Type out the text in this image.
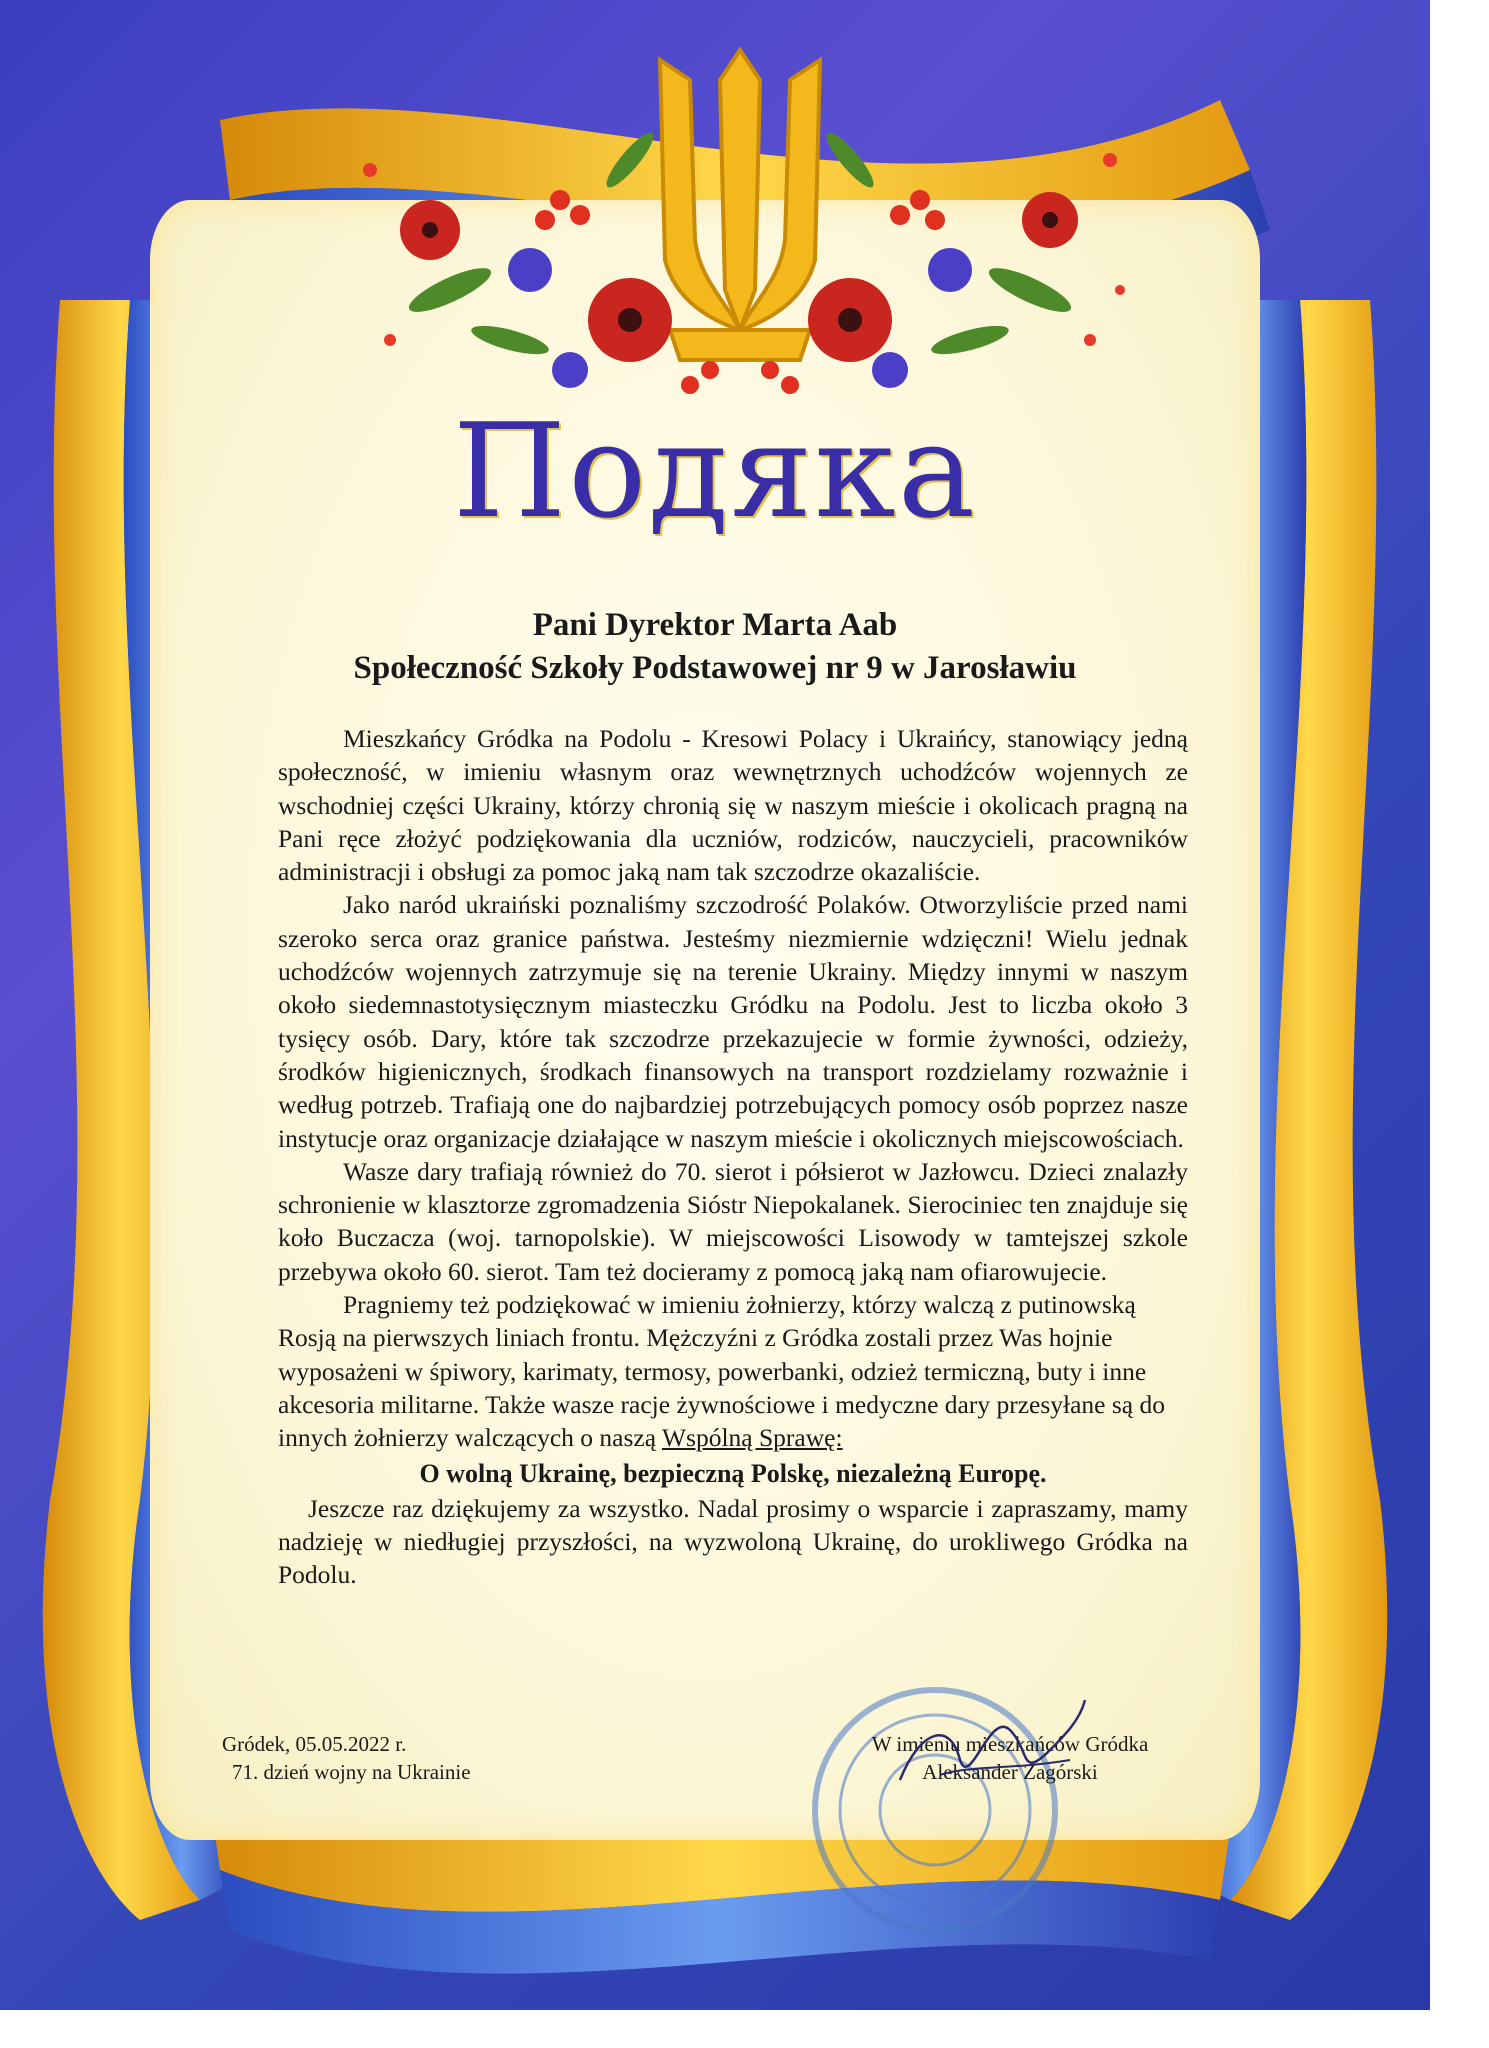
Подяка
Pani Dyrektor Marta Aab
Społeczność Szkoły Podstawowej nr 9 w Jarosławiu

Mieszkańcy Gródka na Podolu - Kresowi Polacy i Ukraińcy, stanowiący jedną społeczność, w imieniu własnym oraz wewnętrznych uchodźców wojennych ze wschodniej części Ukrainy, którzy chronią się w naszym mieście i okolicach pragną na Pani ręce złożyć podziękowania dla uczniów, rodziców, nauczycieli, pracowników administracji i obsługi za pomoc jaką nam tak szczodrze okazaliście.

Jako naród ukraiński poznaliśmy szczodrość Polaków. Otworzyliście przed nami szeroko serca oraz granice państwa. Jesteśmy niezmiernie wdzięczni! Wielu jednak uchodźców wojennych zatrzymuje się na terenie Ukrainy. Między innymi w naszym około siedemnastotysięcznym miasteczku Gródku na Podolu. Jest to liczba około 3 tysięcy osób. Dary, które tak szczodrze przekazujecie w formie żywności, odzieży, środków higienicznych, środkach finansowych na transport rozdzielamy rozważnie i według potrzeb. Trafiają one do najbardziej potrzebujących pomocy osób poprzez nasze instytucje oraz organizacje działające w naszym mieście i okolicznych miejscowościach.

Wasze dary trafiają również do 70. sierot i półsierot w Jazłowcu. Dzieci znalazły schronienie w klasztorze zgromadzenia Sióstr Niepokalanek. Sierociniec ten znajduje się koło Buczacza (woj. tarnopolskie). W miejscowości Lisowody w tamtejszej szkole przebywa około 60. sierot. Tam też docieramy z pomocą jaką nam ofiarowujecie.

Pragniemy też podziękować w imieniu żołnierzy, którzy walczą z putinowską Rosją na pierwszych liniach frontu. Mężczyźni z Gródka zostali przez Was hojnie wyposażeni w śpiwory, karimaty, termosy, powerbanki, odzież termiczną, buty i inne akcesoria militarne. Także wasze racje żywnościowe i medyczne dary przesyłane są do innych żołnierzy walczących o naszą Wspólną Sprawę:

O wolną Ukrainę, bezpieczną Polskę, niezależną Europę.

Jeszcze raz dziękujemy za wszystko. Nadal prosimy o wsparcie i zapraszamy, mamy nadzieję w niedługiej przyszłości, na wyzwoloną Ukrainę, do urokliwego Gródka na Podolu.

Gródek, 05.05.2022 r.
71. dzień wojny na Ukrainie
W imieniu mieszkańców Gródka
Aleksander Zagórski
